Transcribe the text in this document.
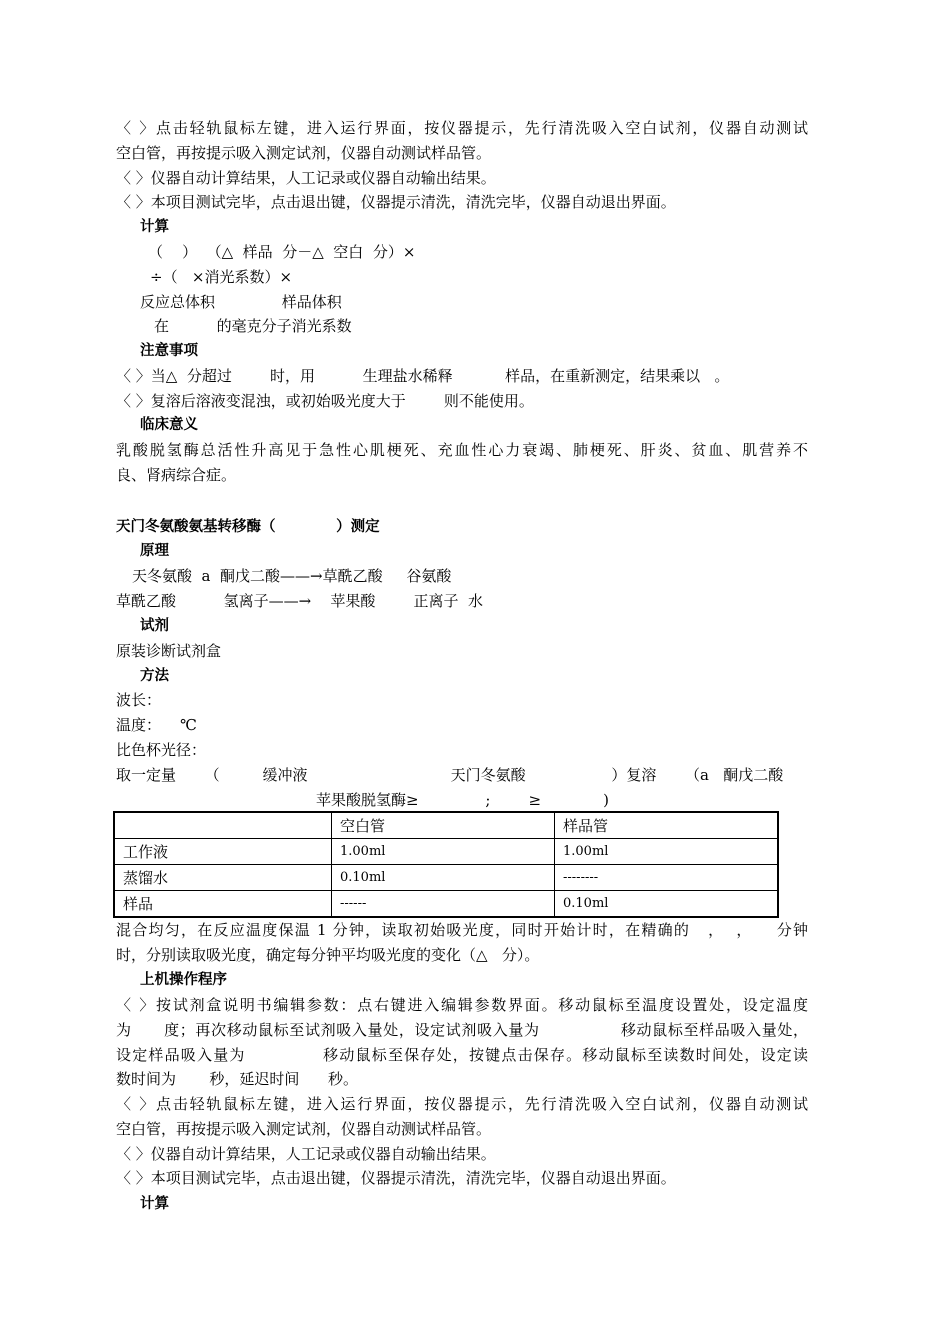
〈 〉点击轻轨鼠标左键，进入运行界面，按仪器提示，先行清洗吸入空白试剂，仪器自动测试
空白管，再按提示吸入测定试剂，仪器自动测试样品管。
〈 〉仪器自动计算结果，人工记录或仪器自动输出结果。
〈 〉本项目测试完毕，点击退出键，仪器提示清洗，清洗完毕，仪器自动退出界面。
计算
（    ）  （△  样品  分－△  空白  分）×
÷（   ×消光系数）×
反应总体积              样品体积
在          的毫克分子消光系数
注意事项
〈 〉当△  分超过        时，用          生理盐水稀释           样品，在重新测定，结果乘以   。
〈 〉复溶后溶液变混浊，或初始吸光度大于        则不能使用。
临床意义
乳酸脱氢酶总活性升高见于急性心肌梗死、充血性心力衰竭、肺梗死、肝炎、贫血、肌营养不
良、肾病综合症。
天门冬氨酸氨基转移酶（            ）测定
原理
天冬氨酸  a  酮戊二酸——→草酰乙酸     谷氨酸
草酰乙酸          氢离子——→    苹果酸        正离子  水
试剂
原装诊断试剂盒
方法
波长：
温度：    ℃
比色杯光径：
取一定量      （         缓冲液                              天门冬氨酸                  ）复溶      （a   酮戊二酸
苹果酸脱氢酶≥              ;        ≥             )
	空白管	样品管
工作液	1.00ml	1.00ml
蒸馏水	0.10ml	--------
样品	------	0.10ml
混合均匀，在反应温度保温 1 分钟，读取初始吸光度，同时开始计时，在精确的   ，  ，    分钟
时，分别读取吸光度，确定每分钟平均吸光度的变化（△   分）。
上机操作程序
〈 〉按试剂盒说明书编辑参数：点右键进入编辑参数界面。移动鼠标至温度设置处，设定温度
为      度；再次移动鼠标至试剂吸入量处，设定试剂吸入量为               移动鼠标至样品吸入量处，
设定样品吸入量为             移动鼠标至保存处，按键点击保存。移动鼠标至读数时间处，设定读
数时间为       秒，延迟时间      秒。
〈 〉点击轻轨鼠标左键，进入运行界面，按仪器提示，先行清洗吸入空白试剂，仪器自动测试
空白管，再按提示吸入测定试剂，仪器自动测试样品管。
〈 〉仪器自动计算结果，人工记录或仪器自动输出结果。
〈 〉本项目测试完毕，点击退出键，仪器提示清洗，清洗完毕，仪器自动退出界面。
计算
